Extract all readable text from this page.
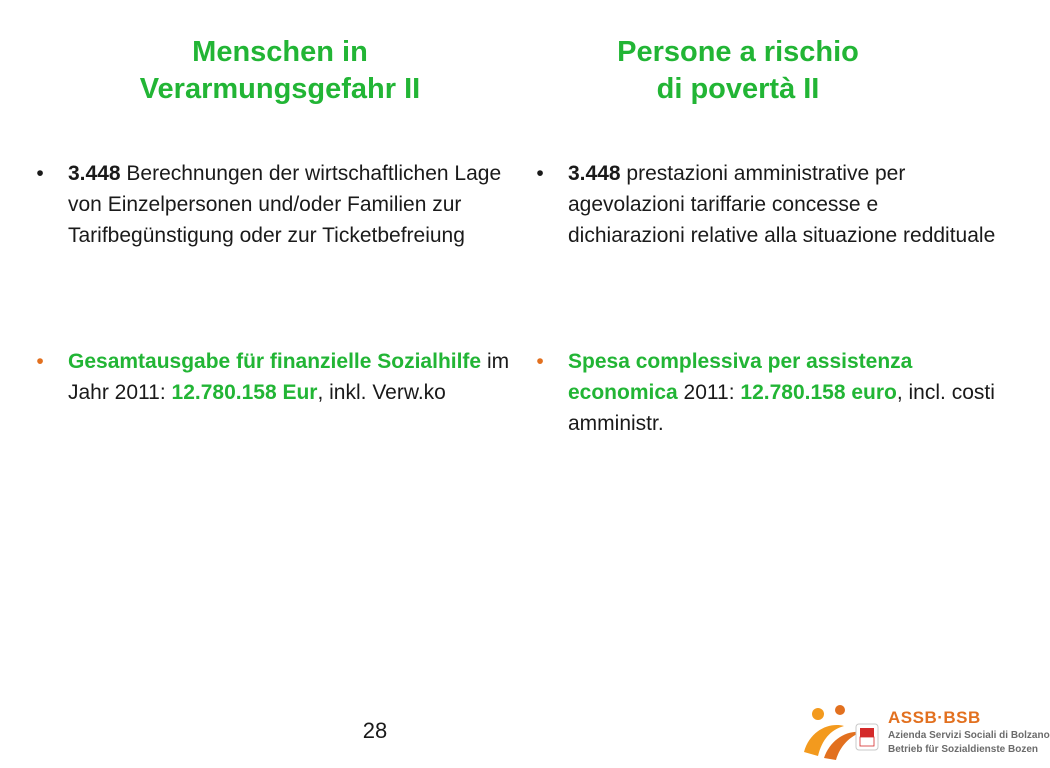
Menschen in
Verarmungsgefahr II
Persone a rischio
di povertà II
•	3.448 Berechnungen der wirtschaftlichen Lage von Einzelpersonen und/oder Familien zur Tarifbegünstigung oder zur Ticketbefreiung
•	Gesamtausgabe für finanzielle Sozialhilfe im Jahr 2011: 12.780.158 Eur, inkl. Verw.ko
•	3.448 prestazioni amministrative per agevolazioni tariffarie concesse e dichiarazioni relative alla situazione reddituale
•	Spesa complessiva per assistenza economica 2011: 12.780.158 euro, incl. costi amministr.
28
ASSB·BSB
Azienda Servizi Sociali di Bolzano
Betrieb für Sozialdienste Bozen
